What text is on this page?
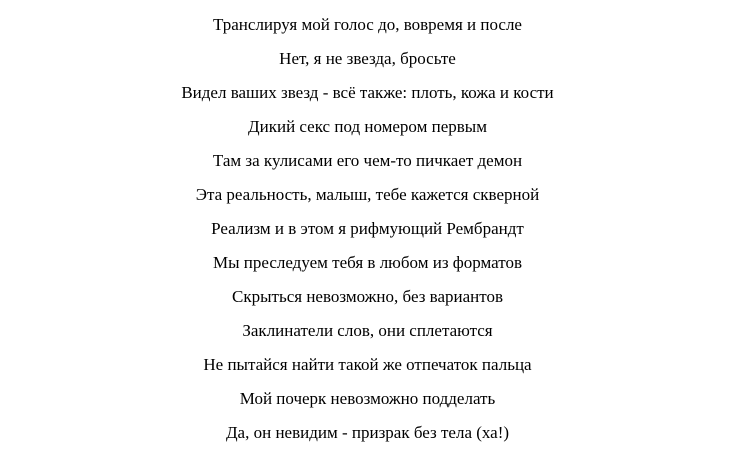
Транслируя мой голос до, вовремя и после
Нет, я не звезда, бросьте
Видел ваших звезд - всё также: плоть, кожа и кости
Дикий секс под номером первым
Там за кулисами его чем-то пичкает демон
Эта реальность, малыш, тебе кажется скверной
Реализм и в этом я рифмующий Рембрандт
Мы преследуем тебя в любом из форматов
Скрыться невозможно, без вариантов
Заклинатели слов, они сплетаются
Не пытайся найти такой же отпечаток пальца
Мой почерк невозможно подделать
Да, он невидим - призрак без тела (ха!)
